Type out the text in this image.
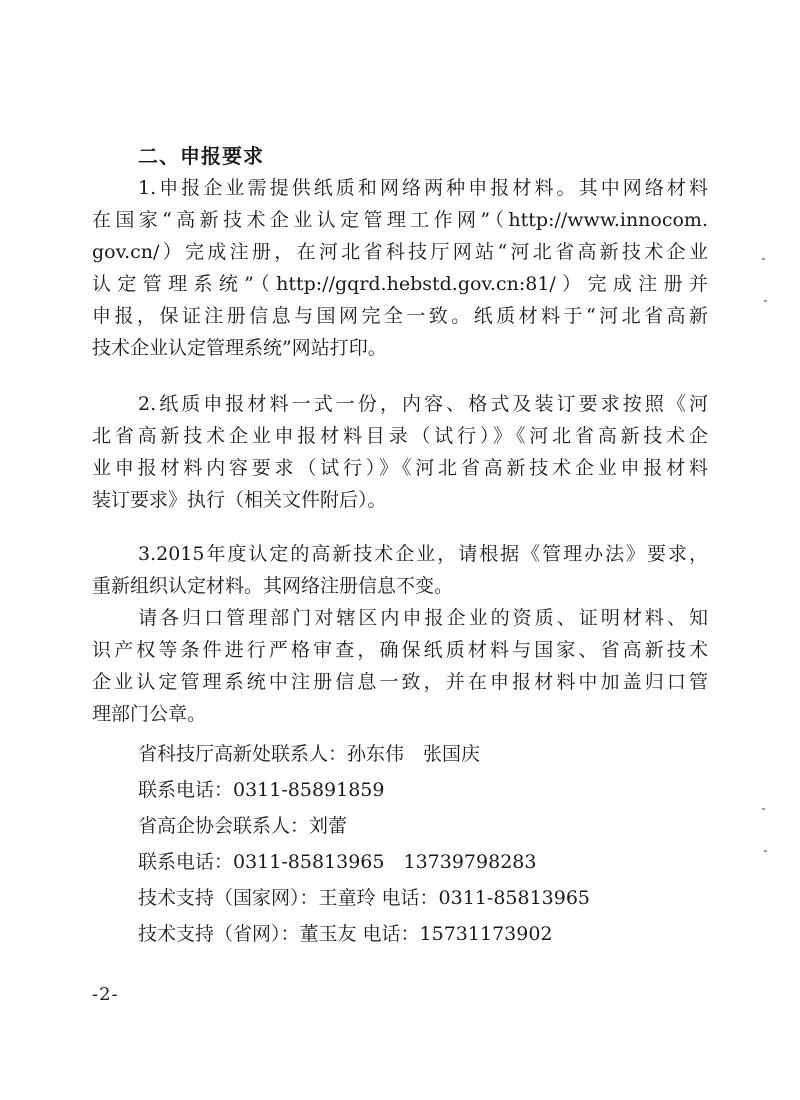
二、申报要求
1.申报企业需提供纸质和网络两种申报材料。其中网络材料
在国家“高新技术企业认定管理工作网”（http://www.innocom.
gov.cn/）完成注册，在河北省科技厅网站“河北省高新技术企业
认定管理系统”（http://gqrd.hebstd.gov.cn:81/）完成注册并
申报，保证注册信息与国网完全一致。纸质材料于“河北省高新
技术企业认定管理系统”网站打印。
2.纸质申报材料一式一份，内容、格式及装订要求按照《河
北省高新技术企业申报材料目录（试行）》《河北省高新技术企
业申报材料内容要求（试行）》《河北省高新技术企业申报材料
装订要求》执行（相关文件附后）。
3.2015年度认定的高新技术企业，请根据《管理办法》要求，
重新组织认定材料。其网络注册信息不变。
请各归口管理部门对辖区内申报企业的资质、证明材料、知
识产权等条件进行严格审查，确保纸质材料与国家、省高新技术
企业认定管理系统中注册信息一致，并在申报材料中加盖归口管
理部门公章。
省科技厅高新处联系人：孙东伟　张国庆
联系电话：0311-85891859
省高企协会联系人：刘蕾
联系电话：0311-85813965　13739798283
技术支持（国家网）：王童玲 电话：0311-85813965
技术支持（省网）：董玉友 电话：15731173902
-2-
